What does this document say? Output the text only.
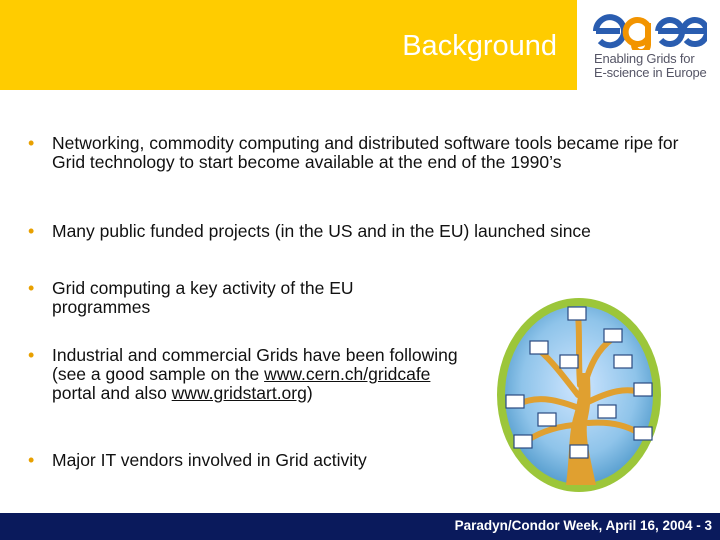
Background	Enabling Grids for
E-science in Europe
• Networking, commodity computing and distributed software tools became ripe for Grid technology to start become available at the end of the 1990’s
• Many public funded projects (in the US and in the EU) launched since
• Grid computing a key activity of the EU programmes
• Industrial and commercial Grids have been following (see a good sample on the www.cern.ch/gridcafe portal and also www.gridstart.org)
• Major IT vendors involved in Grid activity
Paradyn/Condor Week, April 16, 2004 - 3
